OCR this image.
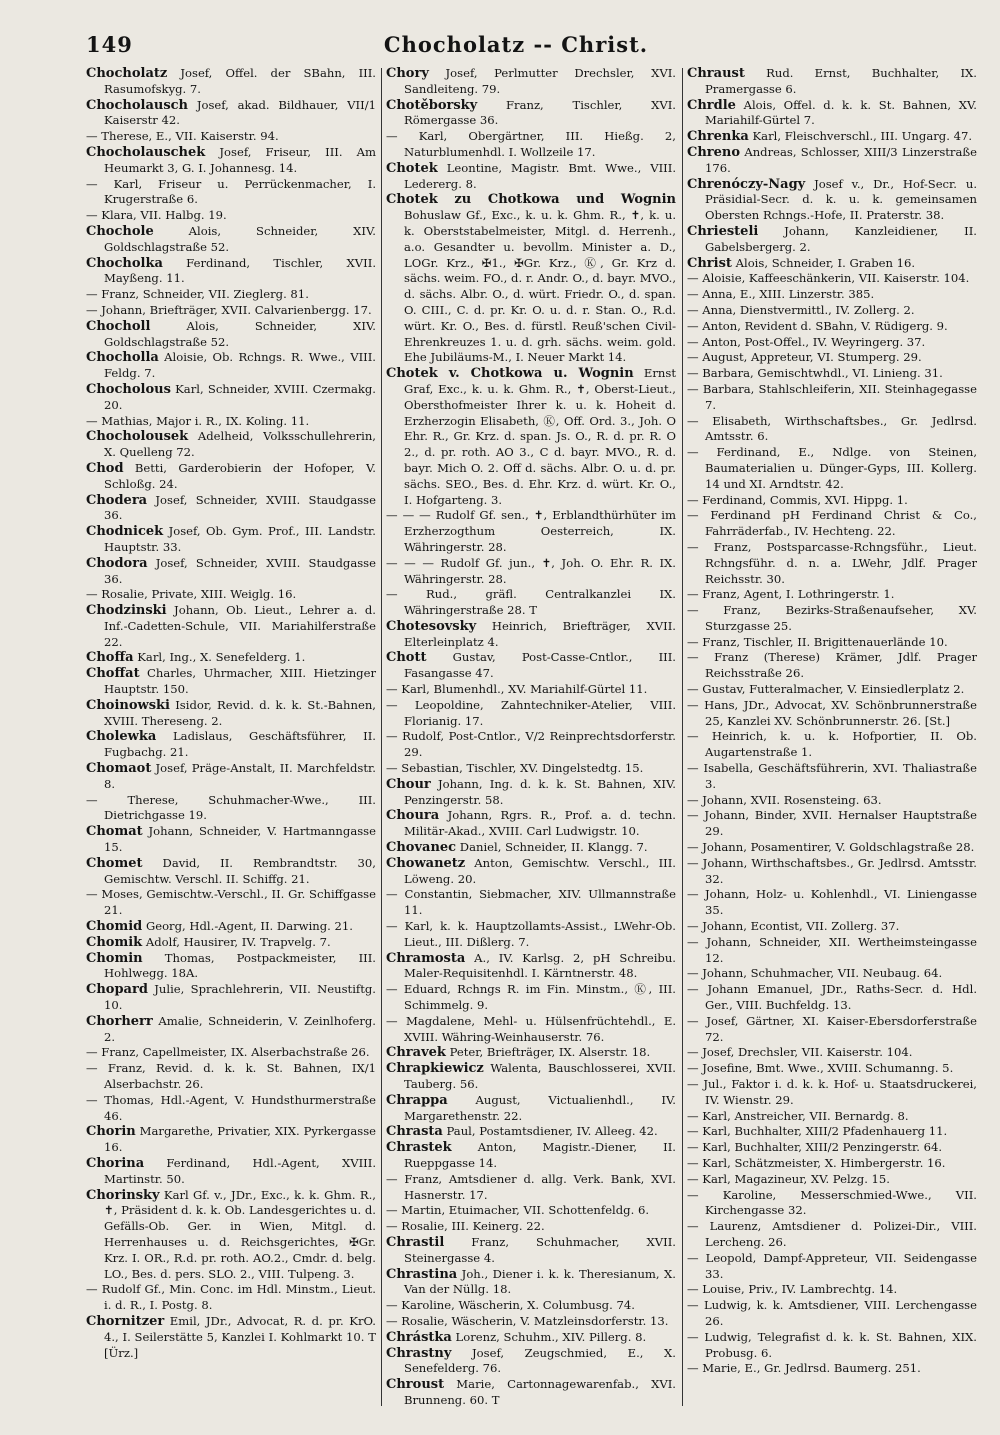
149	Chocholatz -- Christ.

Chocholatz Josef, Offel. der SBahn, III. Rasumofskyg. 7.

Chocholausch Josef, akad. Bildhauer, VII/1 Kaiserstr 42.

— Therese, E., VII. Kaiserstr. 94.

Chocholauschek Josef, Friseur, III. Am Heumarkt 3, G. I. Johannesg. 14.

— Karl, Friseur u. Perrückenmacher, I. Krugerstraße 6.

— Klara, VII. Halbg. 19.

Chochole Alois, Schneider, XIV. Goldschlagstraße 52.

Chocholka Ferdinand, Tischler, XVII. Mayßeng. 11.

— Franz, Schneider, VII. Zieglerg. 81.

— Johann, Briefträger, XVII. Calvarienbergg. 17.

Chocholl Alois, Schneider, XIV. Goldschlagstraße 52.

Chocholla Aloisie, Ob. Rchngs. R. Wwe., VIII. Feldg. 7.

Chocholous Karl, Schneider, XVIII. Czermakg. 20.

— Mathias, Major i. R., IX. Koling. 11.

Chocholousek Adelheid, Volksschullehrerin, X. Quelleng 72.

Chod Betti, Garderobierin der Hofoper, V. Schloßg. 24.

Chodera Josef, Schneider, XVIII. Staudgasse 36.

Chodnicek Josef, Ob. Gym. Prof., III. Landstr. Hauptstr. 33.

Chodora Josef, Schneider, XVIII. Staudgasse 36.

— Rosalie, Private, XIII. Weiglg. 16.

Chodzinski Johann, Ob. Lieut., Lehrer a. d. Inf.-Cadetten-Schule, VII. Mariahilferstraße 22.

Choffa Karl, Ing., X. Senefelderg. 1.

Choffat Charles, Uhrmacher, XIII. Hietzinger Hauptstr. 150.

Choinowski Isidor, Revid. d. k. k. St.-Bahnen, XVIII. Thereseng. 2.

Cholewka Ladislaus, Geschäftsführer, II. Fugbachg. 21.

Chomaot Josef, Präge-Anstalt, II. Marchfeldstr. 8.

— Therese, Schuhmacher-Wwe., III. Dietrichgasse 19.

Chomat Johann, Schneider, V. Hartmanngasse 15.

Chomet David, II. Rembrandtstr. 30, Gemischtw. Verschl. II. Schiffg. 21.

— Moses, Gemischtw.-Verschl., II. Gr. Schiffgasse 21.

Chomid Georg, Hdl.-Agent, II. Darwing. 21.

Chomik Adolf, Hausirer, IV. Trapvelg. 7.

Chomin Thomas, Postpackmeister, III. Hohlwegg. 18A.

Chopard Julie, Sprachlehrerin, VII. Neustiftg. 10.

Chorherr Amalie, Schneiderin, V. Zeinlhoferg. 2.

— Franz, Capellmeister, IX. Alserbachstraße 26.

— Franz, Revid. d. k. k. St. Bahnen, IX/1 Alserbachstr. 26.

— Thomas, Hdl.-Agent, V. Hundsthurmerstraße 46.

Chorin Margarethe, Privatier, XIX. Pyrkergasse 16.

Chorina Ferdinand, Hdl.-Agent, XVIII. Martinstr. 50.

Chorinsky Karl Gf. v., JDr., Exc., k. k. Ghm. R., ✝, Präsident d. k. k. Ob. Landesgerichtes u. d. Gefälls-Ob. Ger. in Wien, Mitgl. d. Herrenhauses u. d. Reichsgerichtes, ✠Gr. Krz. I. OR., R.d. pr. roth. AO.2., Cmdr. d. belg. LO., Bes. d. pers. SLO. 2., VIII. Tulpeng. 3.

— Rudolf Gf., Min. Conc. im Hdl. Minstm., Lieut. i. d. R., I. Postg. 8.

Chornitzer Emil, JDr., Advocat, R. d. pr. KrO. 4., I. Seilerstätte 5, Kanzlei I. Kohlmarkt 10. T [Ürz.]

Chory Josef, Perlmutter Drechsler, XVI. Sandleiteng. 79.

Chotěborsky Franz, Tischler, XVI. Römergasse 36.

— Karl, Obergärtner, III. Hießg. 2, Naturblumenhdl. I. Wollzeile 17.

Chotek Leontine, Magistr. Bmt. Wwe., VIII. Ledererg. 8.

Chotek zu Chotkowa und Wognin Bohuslaw Gf., Exc., k. u. k. Ghm. R., ✝, k. u. k. Oberststabelmeister, Mitgl. d. Herrenh., a.o. Gesandter u. bevollm. Minister a. D., LOGr. Krz., ✠1., ✠Gr. Krz., Ⓚ, Gr. Krz d. sächs. weim. FO., d. r. Andr. O., d. bayr. MVO., d. sächs. Albr. O., d. würt. Friedr. O., d. span. O. CIII., C. d. pr. Kr. O. u. d. r. Stan. O., R.d. würt. Kr. O., Bes. d. fürstl. Reuß'schen Civil-Ehrenkreuzes 1. u. d. grh. sächs. weim. gold. Ehe Jubiläums-M., I. Neuer Markt 14.

Chotek v. Chotkowa u. Wognin Ernst Graf, Exc., k. u. k. Ghm. R., ✝, Oberst-Lieut., Obersthofmeister Ihrer k. u. k. Hoheit d. Erzherzogin Elisabeth, Ⓚ, Off. Ord. 3., Joh. O Ehr. R., Gr. Krz. d. span. Js. O., R. d. pr. R. O 2., d. pr. roth. AO 3., C d. bayr. MVO., R. d. bayr. Mich O. 2. Off d. sächs. Albr. O. u. d. pr. sächs. SEO., Bes. d. Ehr. Krz. d. würt. Kr. O., I. Hofgarteng. 3.

— — — Rudolf Gf. sen., ✝, Erblandthürhüter im Erzherzogthum Oesterreich, IX. Währingerstr. 28.

— — — Rudolf Gf. jun., ✝, Joh. O. Ehr. R. IX. Währingerstr. 28.

— Rud., gräfl. Centralkanzlei IX. Währingerstraße 28. T

Chotesovsky Heinrich, Briefträger, XVII. Elterleinplatz 4.

Chott Gustav, Post-Casse-Cntlor., III. Fasangasse 47.

— Karl, Blumenhdl., XV. Mariahilf-Gürtel 11.

— Leopoldine, Zahntechniker-Atelier, VIII. Florianig. 17.

— Rudolf, Post-Cntlor., V/2 Reinprechtsdorferstr. 29.

— Sebastian, Tischler, XV. Dingelstedtg. 15.

Chour Johann, Ing. d. k. k. St. Bahnen, XIV. Penzingerstr. 58.

Choura Johann, Rgrs. R., Prof. a. d. techn. Militär-Akad., XVIII. Carl Ludwigstr. 10.

Chovanec Daniel, Schneider, II. Klangg. 7.

Chowanetz Anton, Gemischtw. Verschl., III. Löweng. 20.

— Constantin, Siebmacher, XIV. Ullmannstraße 11.

— Karl, k. k. Hauptzollamts-Assist., LWehr-Ob. Lieut., III. Dißlerg. 7.

Chramosta A., IV. Karlsg. 2, pH Schreibu. Maler-Requisitenhdl. I. Kärntnerstr. 48.

— Eduard, Rchngs R. im Fin. Minstm., Ⓚ, III. Schimmelg. 9.

— Magdalene, Mehl- u. Hülsenfrüchtehdl., E. XVIII. Währing-Weinhauserstr. 76.

Chravek Peter, Briefträger, IX. Alserstr. 18.

Chrapkiewicz Walenta, Bauschlosserei, XVII. Tauberg. 56.

Chrappa August, Victualienhdl., IV. Margarethenstr. 22.

Chrasta Paul, Postamtsdiener, IV. Alleeg. 42.

Chrastek Anton, Magistr.-Diener, II. Rueppgasse 14.

— Franz, Amtsdiener d. allg. Verk. Bank, XVI. Hasnerstr. 17.

— Martin, Etuimacher, VII. Schottenfeldg. 6.

— Rosalie, III. Keinerg. 22.

Chrastil Franz, Schuhmacher, XVII. Steinergasse 4.

Chrastina Joh., Diener i. k. k. Theresianum, X. Van der Nüllg. 18.

— Karoline, Wäscherin, X. Columbusg. 74.

— Rosalie, Wäscherin, V. Matzleinsdorferstr. 13.

Chrástka Lorenz, Schuhm., XIV. Pillerg. 8.

Chrastny Josef, Zeugschmied, E., X. Senefelderg. 76.

Chroust Marie, Cartonnagewarenfab., XVI. Brunneng. 60. T

Chraust Rud. Ernst, Buchhalter, IX. Pramergasse 6.

Chrdle Alois, Offel. d. k. k. St. Bahnen, XV. Mariahilf-Gürtel 7.

Chrenka Karl, Fleischverschl., III. Ungarg. 47.

Chreno Andreas, Schlosser, XIII/3 Linzerstraße 176.

Chrenóczy-Nagy Josef v., Dr., Hof-Secr. u. Präsidial-Secr. d. k. u. k. gemeinsamen Obersten Rchngs.-Hofe, II. Praterstr. 38.

Chriesteli Johann, Kanzleidiener, II. Gabelsbergerg. 2.

Christ Alois, Schneider, I. Graben 16.

— Aloisie, Kaffeeschänkerin, VII. Kaiserstr. 104.

— Anna, E., XIII. Linzerstr. 385.

— Anna, Dienstvermittl., IV. Zollerg. 2.

— Anton, Revident d. SBahn, V. Rüdigerg. 9.

— Anton, Post-Offel., IV. Weyringerg. 37.

— August, Appreteur, VI. Stumperg. 29.

— Barbara, Gemischtwhdl., VI. Linieng. 31.

— Barbara, Stahlschleiferin, XII. Steinhagegasse 7.

— Elisabeth, Wirthschaftsbes., Gr. Jedlrsd. Amtsstr. 6.

— Ferdinand, E., Ndlge. von Steinen, Baumaterialien u. Dünger-Gyps, III. Kollerg. 14 und XI. Arndtstr. 42.

— Ferdinand, Commis, XVI. Hippg. 1.

— Ferdinand pH Ferdinand Christ & Co., Fahrräderfab., IV. Hechteng. 22.

— Franz, Postsparcasse-Rchngsführ., Lieut. Rchngsführ. d. n. a. LWehr, Jdlf. Prager Reichsstr. 30.

— Franz, Agent, I. Lothringerstr. 1.

— Franz, Bezirks-Straßenaufseher, XV. Sturzgasse 25.

— Franz, Tischler, II. Brigittenauerlände 10.

— Franz (Therese) Krämer, Jdlf. Prager Reichsstraße 26.

— Gustav, Futteralmacher, V. Einsiedlerplatz 2.

— Hans, JDr., Advocat, XV. Schönbrunnerstraße 25, Kanzlei XV. Schönbrunnerstr. 26. [St.]

— Heinrich, k. u. k. Hofportier, II. Ob. Augartenstraße 1.

— Isabella, Geschäftsführerin, XVI. Thaliastraße 3.

— Johann, XVII. Rosensteing. 63.

— Johann, Binder, XVII. Hernalser Hauptstraße 29.

— Johann, Posamentirer, V. Goldschlagstraße 28.

— Johann, Wirthschaftsbes., Gr. Jedlrsd. Amtsstr. 32.

— Johann, Holz- u. Kohlenhdl., VI. Liniengasse 35.

— Johann, Econtist, VII. Zollerg. 37.

— Johann, Schneider, XII. Wertheimsteingasse 12.

— Johann, Schuhmacher, VII. Neubaug. 64.

— Johann Emanuel, JDr., Raths-Secr. d. Hdl. Ger., VIII. Buchfeldg. 13.

— Josef, Gärtner, XI. Kaiser-Ebersdorferstraße 72.

— Josef, Drechsler, VII. Kaiserstr. 104.

— Josefine, Bmt. Wwe., XVIII. Schumanng. 5.

— Jul., Faktor i. d. k. k. Hof- u. Staatsdruckerei, IV. Wienstr. 29.

— Karl, Anstreicher, VII. Bernardg. 8.

— Karl, Buchhalter, XIII/2 Pfadenhauerg 11.

— Karl, Buchhalter, XIII/2 Penzingerstr. 64.

— Karl, Schätzmeister, X. Himbergerstr. 16.

— Karl, Magazineur, XV. Pelzg. 15.

— Karoline, Messerschmied-Wwe., VII. Kirchengasse 32.

— Laurenz, Amtsdiener d. Polizei-Dir., VIII. Lercheng. 26.

— Leopold, Dampf-Appreteur, VII. Seidengasse 33.

— Louise, Priv., IV. Lambrechtg. 14.

— Ludwig, k. k. Amtsdiener, VIII. Lerchengasse 26.

— Ludwig, Telegrafist d. k. k. St. Bahnen, XIX. Probusg. 6.

— Marie, E., Gr. Jedlrsd. Baumerg. 251.
